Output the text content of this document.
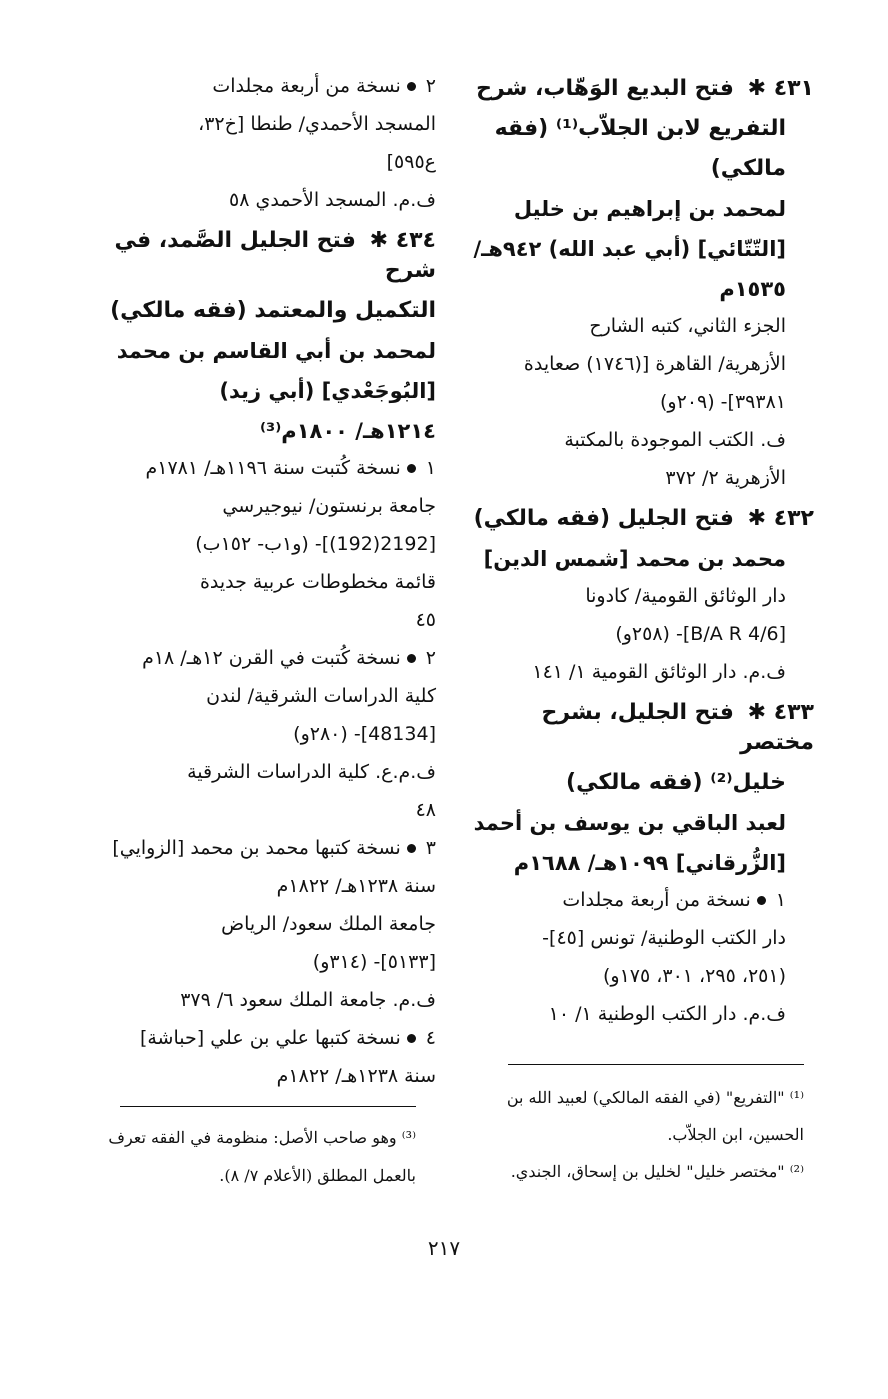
٤٣١ ✱ فتح البديع الوَهّاب، شرح
التفريع لابن الجلاّب⁽¹⁾ (فقه
مالكي)
لمحمد بن إبراهيم بن خليل
[التّتّائي] (أبي عبد الله) ٩٤٢هـ/
١٥٣٥م
الجزء الثاني، كتبه الشارح
الأزهرية/ القاهرة [(١٧٤٦) صعايدة
٣٩٣٨١]- (٢٠٩و)
ف. الكتب الموجودة بالمكتبة
الأزهرية ٢/ ٣٧٢
٤٣٢ ✱ فتح الجليل (فقه مالكي)
محمد بن محمد [شمس الدين]
دار الوثائق القومية/ كادونا
[B/A R 4/6]- (٢٥٨و)
ف.م. دار الوثائق القومية ١/ ١٤١
٤٣٣ ✱ فتح الجليل، بشرح مختصر
خليل⁽²⁾ (فقه مالكي)
لعبد الباقي بن يوسف بن أحمد
[الزُّرقاني] ١٠٩٩هـ/ ١٦٨٨م
١نسخة من أربعة مجلدات
دار الكتب الوطنية/ تونس [٤٥]-
(٢٥١، ٢٩٥، ٣٠١، ١٧٥و)
ف.م. دار الكتب الوطنية ١/ ١٠
٢نسخة من أربعة مجلدات
المسجد الأحمدي/ طنطا [خ٣٢،
ع٥٩٥]
ف.م. المسجد الأحمدي ٥٨
٤٣٤ ✱ فتح الجليل الصَّمد، في شرح
التكميل والمعتمد (فقه مالكي)
لمحمد بن أبي القاسم بن محمد
[البُوجَعْدي] (أبي زيد)
١٢١٤هـ/ ١٨٠٠م⁽³⁾
١نسخة كُتبت سنة ١١٩٦هـ/ ١٧٨١م
جامعة برنستون/ نيوجيرسي
[2192(192)]- (و١ب- ١٥٢ب)
قائمة مخطوطات عربية جديدة
٤٥
٢نسخة كُتبت في القرن ١٢هـ/ ١٨م
كلية الدراسات الشرقية/ لندن
[48134]- (٢٨٠و)
ف.م.ع. كلية الدراسات الشرقية
٤٨
٣نسخة كتبها محمد بن محمد [الزوايي]
سنة ١٢٣٨هـ/ ١٨٢٢م
جامعة الملك سعود/ الرياض
[٥١٣٣]- (٣١٤و)
ف.م. جامعة الملك سعود ٦/ ٣٧٩
٤نسخة كتبها علي بن علي [حباشة]
سنة ١٢٣٨هـ/ ١٨٢٢م
⁽¹⁾ "التفريع" (في الفقه المالكي) لعبيد الله بن
الحسين، ابن الجلاّب.
⁽²⁾ "مختصر خليل" لخليل بن إسحاق، الجندي.
⁽³⁾ وهو صاحب الأصل: منظومة في الفقه تعرف
بالعمل المطلق (الأعلام ٧/ ٨).
٢١٧
